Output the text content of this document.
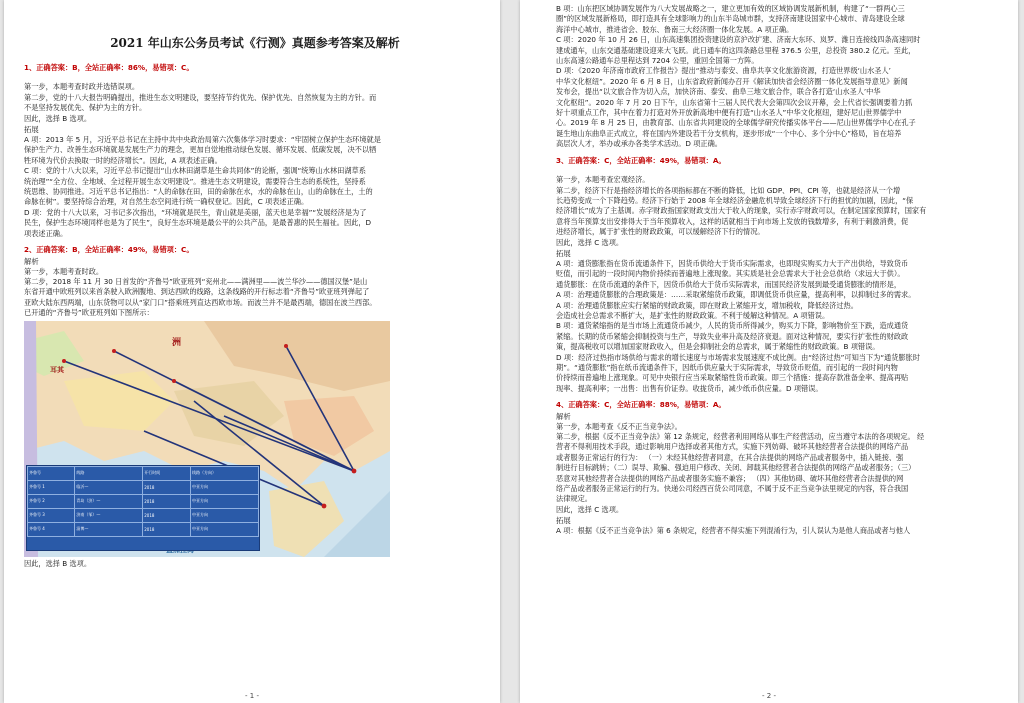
2021 年山东公务员考试《行测》真题参考答案及解析

1、正确答案：B，全站正确率：86%，易错项：C。

第一步，本题考查时政并选错误项。

第二步，党的十八大报告明确提出，推进生态文明建设，要坚持节约优先、保护优先、自然恢复为主的方针。而

不是坚持发展优先、保护为主的方针。

因此，选择 B 选项。

拓展

A 项：2013 年 5 月，习近平总书记在主持中共中央政治局第六次集体学习时要求：“牢固树立保护生态环境就是

保护生产力、改善生态环境就是发展生产力的理念，更加自觉地推动绿色发展、循环发展、低碳发展，决不以牺

牲环境为代价去换取一时的经济增长”。因此，A 项表述正确。

C 项：党的十八大以来，习近平总书记提出“山水林田湖草是生命共同体”的论断，强调“统筹山水林田湖草系

统治理”“全方位、全地域、全过程开展生态文明建设”。推进生态文明建设，需要符合生态的系统性，坚持系

统思维、协同推进。习近平总书记指出：“人的命脉在田，田的命脉在水，水的命脉在山，山的命脉在土，土的

命脉在树”。要坚持综合治理，对自然生态空间进行统一确权登记。因此，C 项表述正确。

D 项：党的十八大以来，习书记多次指出，“环境就是民生，青山就是美丽，蓝天也是幸福”“发展经济是为了

民生，保护生态环境同样也是为了民生”，良好生态环境是最公平的公共产品，是最普惠的民生福祉。因此，D

项表述正确。

2、正确答案：B，全站正确率：49%，易错项：C。

解析

第一步，本题考查时政。

第二步，2018 年 11 月 30 日首发的“齐鲁号”欧亚班列“兖州北——满洲里——波兰华沙——德国汉堡”是山

东省开通中欧班列以来首条驶入欧洲腹地、到达西欧的线路，这条线路的开行标志着“齐鲁号”欧亚班列弹起了

亚欧大陆东西两端，山东货物可以从“家门口”搭乘班列直达西欧市场。而波兰并不是最西端，德国在波兰西部。

已开通的“齐鲁号”欧亚班列如下图所示：

耳其
洲
齐鲁号	线路	开行时间	线路（方向）
齐鲁号 1	临沂—	2018	中亚方向
齐鲁号 2	青岛（济）—	2018	中亚方向
齐鲁号 3	济南（邹）—	2018	中亚方向
齐鲁号 4	淄博—	2018	中亚方向

因此，选择 B 选项。

- 1 -

B 项：山东把区域协调发展作为八大发展战略之一，建立更加有效的区域协调发展新机制，构建了“一群两心三

圈”的区域发展新格局，即打造具有全球影响力的山东半岛城市群，支持济南建设国家中心城市、青岛建设全球

海洋中心城市，推进省会、胶东、鲁南三大经济圈一体化发展。A 项正确。

C 项：2020 年 10 月 26 日，山东高速集团投资建设的京沪改扩建、济南大东环、岚罗、潍日连接线四条高速同时

建成通车，山东交通基础建设迎来大飞跃。此日通车的这四条路总里程 376.5 公里，总投资 380.2 亿元。至此，

山东高速公路通车总里程达到 7204 公里，重回全国第一方阵。

D 项：《2020 年济南市政府工作报告》提出“推动与泰安、曲阜共享文化旅游资源，打造世界级‘山水圣人’

中华文化枢纽”。2020 年 6 月 8 日，山东省政府新闻办召开《解读加快省会经济圈一体化发展指导意见》新闻

发布会，提出“以文旅合作为切入点，加快济南、泰安、曲阜三地文旅合作，联合各打造‘山水圣人’中华

文化枢纽”。2020 年 7 月 20 日下午，山东省第十三届人民代表大会第四次会议开幕，会上代省长强调要着力抓

好十项重点工作，其中在着力打造对外开放新高地中便有打造“山水圣人”中华文化枢纽，建好尼山世界儒学中

心。2019 年 8 月 25 日，由教育部、山东省共同建设的全球儒学研究传播实体平台——尼山世界儒学中心在孔子

诞生地山东曲阜正式成立，将在国内外建设若干分支机构，逐步形成“一个中心、多个分中心”格局，旨在培养

高层次人才，举办或承办各类学术活动。D 项正确。

3、正确答案：C，全站正确率：49%，易错项：A。

第一步，本题考查宏观经济。

第二步，经济下行是指经济增长的各项指标都在不断的降低，比如 GDP、PPI、CPI 等，也就是经济从一个增

长趋势变成一个下降趋势。经济下行始于 2008 年全球经济金融危机导致全球经济下行的担忧的加剧，因此，“保

经济增长”成为了主基调。赤字财政指国家财政支出大于收入的现象，实行赤字财政可以，在制定国家预算时，国家有

意将当年预算支出安排得大于当年预算收入，这样的话就相当于向市场上发放的钱数增多，有利于刺激消费，促

进经济增长，属于扩张性的财政政策，可以缓解经济下行的情况。

因此，选择 C 选项。

拓展

A 项：通货膨胀指在货币流通条件下，因货币供给大于货币实际需求，也即现实购买力大于产出供给，导致货币

贬值，而引起的一段时间内物价持续而普遍地上涨现象。其实质是社会总需求大于社会总供给（求远大于供）。

通货膨胀：在货币流通的条件下，因货币供给大于货币实际需求，而国民经济发展到最受通货膨胀的情形是，

A 项：治理通货膨胀的合理政策是：……采取紧缩货币政策，即调低货币供应量，提高利率，以抑制过多的需求。

A 项：治理通货膨胀应实行紧缩的财政政策，即在财政上紧缩开支，增加税收，降低经济过热。

会造成社会总需求不断扩大，是扩张性的财政政策。不利于缓解这种情况。A 项错误。

B 项：通货紧缩指的是当市场上流通货币减少，人民的货币所得减少，购买力下降，影响物价至下跌，造成通货

紧缩。长期的货币紧缩会抑制投资与生产，导致失业率升高及经济衰退。面对这种情况，要实行扩张性的财政政

策，提高税收可以增加国家财政收入，但是会抑制社会的总需求，属于紧缩性的财政政策。B 项错误。

D 项：经济过热指市场供给与需求的增长速度与市场需求发展速度不成比例。由“经济过热”可知当下为“通货膨胀时

期”。“通货膨胀”指在纸币流通条件下，因纸币供应量大于实际需求，导致货币贬值，而引起的一段时间内物

价持续而普遍地上涨现象。可见中央银行应当采取紧缩性货币政策。即三个措施：提高存款准备金率、提高再贴

现率、提高利率；一出售：出售有价证券。收拢货币，减少纸币供应量。D 项错误。

4、正确答案：C，全站正确率：88%，易错项：A。

解析

第一步，本题考查《反不正当竞争法》。

第二步，根据《反不正当竞争法》第 12 条规定，经营者利用网络从事生产经营活动，应当遵守本法的各项规定。 经

营者不得利用技术手段，通过影响用户选择或者其他方式，实施下列妨碍、破坏其他经营者合法提供的网络产品

或者服务正常运行的行为： （一）未经其他经营者同意，在其合法提供的网络产品或者服务中，插入链接、强

制进行目标跳转；（二）误导、欺骗、强迫用户修改、关闭、卸载其他经营者合法提供的网络产品或者服务；（三）

恶意对其他经营者合法提供的网络产品或者服务实施不兼容； （四）其他妨碍、破坏其他经营者合法提供的网

络产品或者服务正常运行的行为。快递公司经西百货公司同意，不属于反不正当竞争法里规定的内容，符合我国

法律规定。

因此，选择 C 选项。

拓展

A 项：根据《反不正当竞争法》第 6 条规定，经营者不得实施下列混淆行为，引人误认为是他人商品或者与他人

- 2 -
